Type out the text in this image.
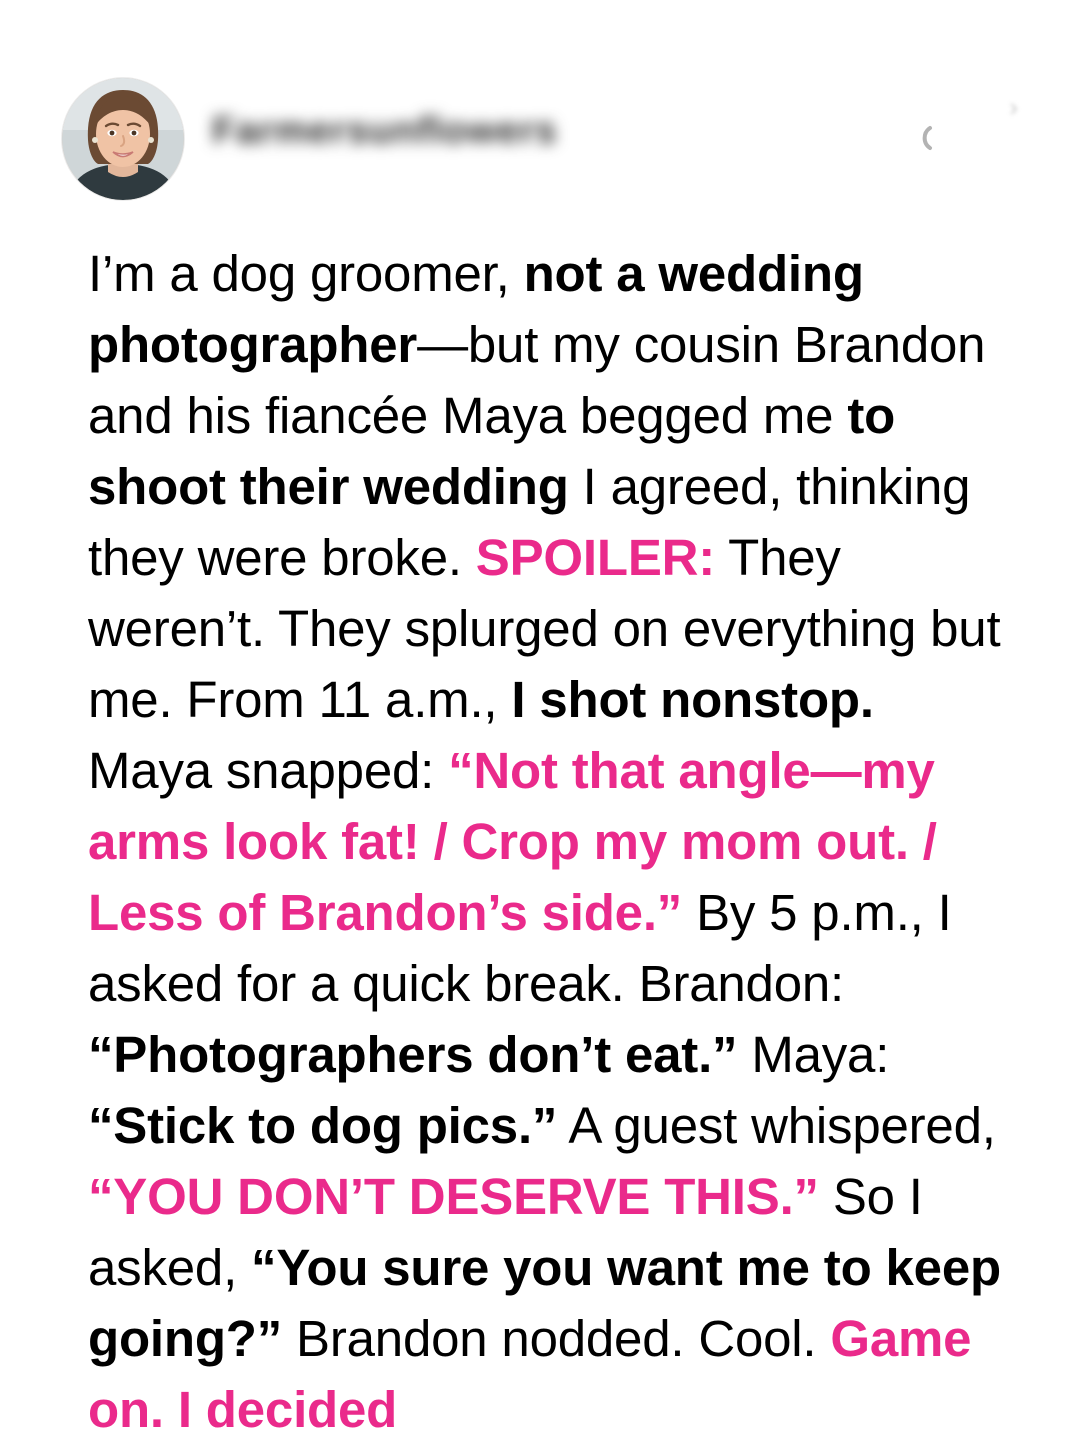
Farmersunflowers
›
I’m a dog groomer, not a wedding photographer—but my cousin Brandon and his fiancée Maya begged me to shoot their wedding I agreed, thinking they were broke. SPOILER: They weren’t. They splurged on everything but me. From 11 a.m., I shot nonstop. Maya snapped: “Not that angle—my arms look fat! / Crop my mom out. / Less of Brandon’s side.” By 5 p.m., I asked for a quick break. Brandon: “Photographers don’t eat.” Maya: “Stick to dog pics.” A guest whispered, “YOU DON’T DESERVE THIS.” So I asked, “You sure you want me to keep going?” Brandon nodded. Cool. Game on. I decided
